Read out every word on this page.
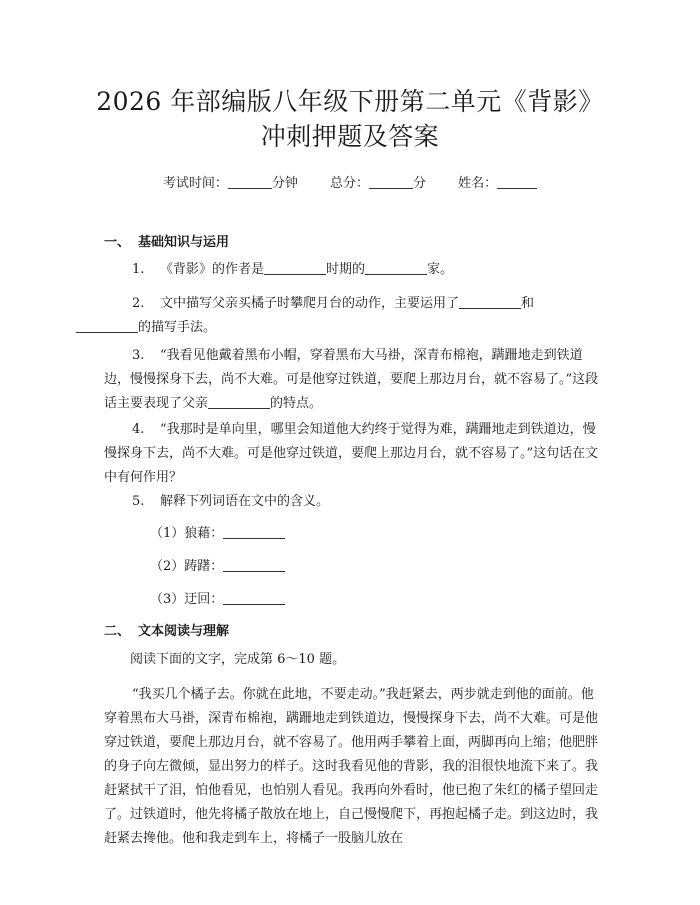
2026 年部编版八年级下册第二单元《背影》
冲刺押题及答案
考试时间：	分钟 总分：	分 姓名：
一、 基础知识与运用
1. 《背影》的作者是	时期的	家。
2. 文中描写父亲买橘子时攀爬月台的动作，主要运用了	和
的描写手法。
3. “我看见他戴着黑布小帽，穿着黑布大马褂，深青布棉袍，蹒跚地走到铁道边，慢慢探身下去，尚不大难。可是他穿过铁道，要爬上那边月台，就不容易了。”这段话主要表现了父亲	的特点。
4. “我那时是单向里，哪里会知道他大约终于觉得为难，蹒跚地走到铁道边，慢慢探身下去，尚不大难。可是他穿过铁道，要爬上那边月台，就不容易了。”这句话在文中有何作用？
5. 解释下列词语在文中的含义。
（1）狼藉：
（2）踌躇：
（3）迂回：
二、 文本阅读与理解
阅读下面的文字，完成第 6～10 题。
“我买几个橘子去。你就在此地，不要走动。”我赶紧去，两步就走到他的面前。他穿着黑布大马褂，深青布棉袍，蹒跚地走到铁道边，慢慢探身下去，尚不大难。可是他穿过铁道，要爬上那边月台，就不容易了。他用两手攀着上面，两脚再向上缩；他肥胖的身子向左微倾，显出努力的样子。这时我看见他的背影，我的泪很快地流下来了。我赶紧拭干了泪，怕他看见，也怕别人看见。我再向外看时，他已抱了朱红的橘子望回走了。过铁道时，他先将橘子散放在地上，自己慢慢爬下，再抱起橘子走。到这边时，我赶紧去搀他。他和我走到车上，将橘子一股脑儿放在
